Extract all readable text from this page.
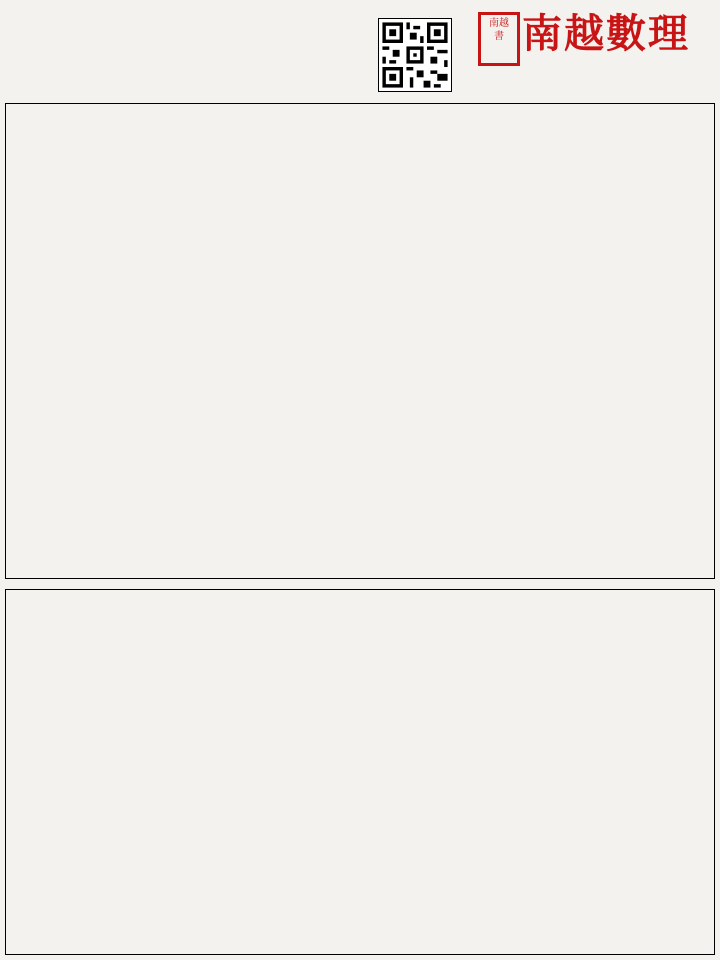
南越
書 南越數理
